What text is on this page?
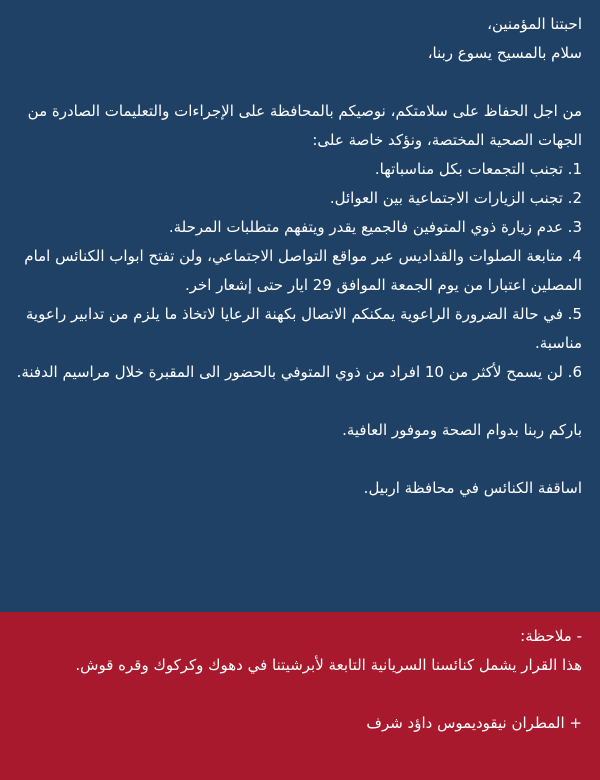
احبتنا المؤمنين،

سلام بالمسيح يسوع ربنا،

من اجل الحفاظ على سلامتكم، نوصيكم بالمحافظة على الإجراءات والتعليمات الصادرة من الجهات الصحية المختصة، ونؤكد خاصة على:

1. تجنب التجمعات بكل مناسباتها.
2. تجنب الزيارات الاجتماعية بين العوائل.
3. عدم زيارة ذوي المتوفين فالجميع يقدر ويتفهم متطلبات المرحلة.
4. متابعة الصلوات والقداديس عبر مواقع التواصل الاجتماعي، ولن تفتح ابواب الكنائس امام المصلين اعتبارا من يوم الجمعة الموافق 29 ايار حتى إشعار اخر.
5. في حالة الضرورة الراعوية يمكنكم الاتصال بكهنة الرعايا لاتخاذ ما يلزم من تدابير راعوية مناسبة.
6. لن يسمح لأكثر من 10 افراد من ذوي المتوفي بالحضور الى المقبرة خلال مراسيم الدفنة.

باركم ربنا بدوام الصحة وموفور العافية.

اساقفة الكنائس في محافظة اربيل.

- ملاحظة:

هذا القرار يشمل كنائسنا السريانية التابعة لأبرشيتنا في دهوك وكركوك وقره قوش.

+ المطران نيقوديموس داؤد شرف
